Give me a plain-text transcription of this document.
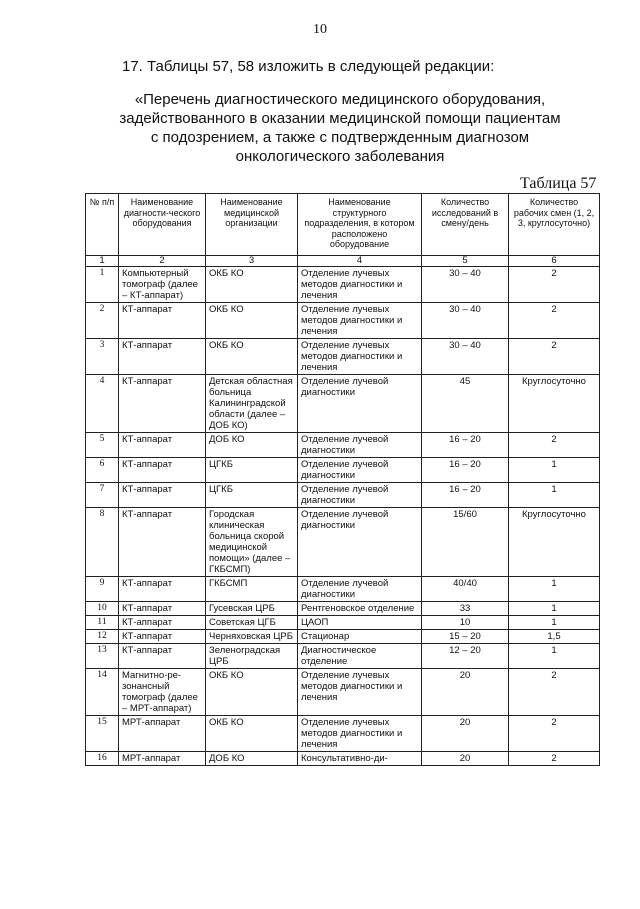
10
17. Таблицы 57, 58 изложить в следующей редакции:
«Перечень диагностического медицинского оборудования,
задействованного в оказании медицинской помощи пациентам
с подозрением, а также с подтвержденным диагнозом
онкологического заболевания
Таблица 57
№ п/п	Наименование диагности-ческого оборудования	Наименование медицинской организации	Наименование структурного подразделения, в котором расположено оборудование	Количество исследований в смену/день	Количество рабочих смен (1, 2, 3, круглосуточно)
1	2	3	4	5	6
1	Компьютерный томограф (далее – КТ-аппарат)	ОКБ КО	Отделение лучевых методов диагностики и лечения	30 – 40	2
2	КТ-аппарат	ОКБ КО	Отделение лучевых методов диагностики и лечения	30 – 40	2
3	КТ-аппарат	ОКБ КО	Отделение лучевых методов диагностики и лечения	30 – 40	2
4	КТ-аппарат	Детская областная больница Калининградской области (далее – ДОБ КО)	Отделение лучевой диагностики	45	Круглосуточно
5	КТ-аппарат	ДОБ КО	Отделение лучевой диагностики	16 – 20	2
6	КТ-аппарат	ЦГКБ	Отделение лучевой диагностики	16 – 20	1
7	КТ-аппарат	ЦГКБ	Отделение лучевой диагностики	16 – 20	1
8	КТ-аппарат	Городская клиническая больница скорой медицинской помощи» (далее – ГКБСМП)	Отделение лучевой диагностики	15/60	Круглосуточно
9	КТ-аппарат	ГКБСМП	Отделение лучевой диагностики	40/40	1
10	КТ-аппарат	Гусевская ЦРБ	Рентгеновское отделение	33	1
11	КТ-аппарат	Советская ЦГБ	ЦАОП	10	1
12	КТ-аппарат	Черняховская ЦРБ	Стационар	15 – 20	1,5
13	КТ-аппарат	Зеленоградская ЦРБ	Диагностическое отделение	12 – 20	1
14	Магнитно-ре-зонансный томограф (далее – МРТ-аппарат)	ОКБ КО	Отделение лучевых методов диагностики и лечения	20	2
15	МРТ-аппарат	ОКБ КО	Отделение лучевых методов диагностики и лечения	20	2
16	МРТ-аппарат	ДОБ КО	Консультативно-ди-	20	2
